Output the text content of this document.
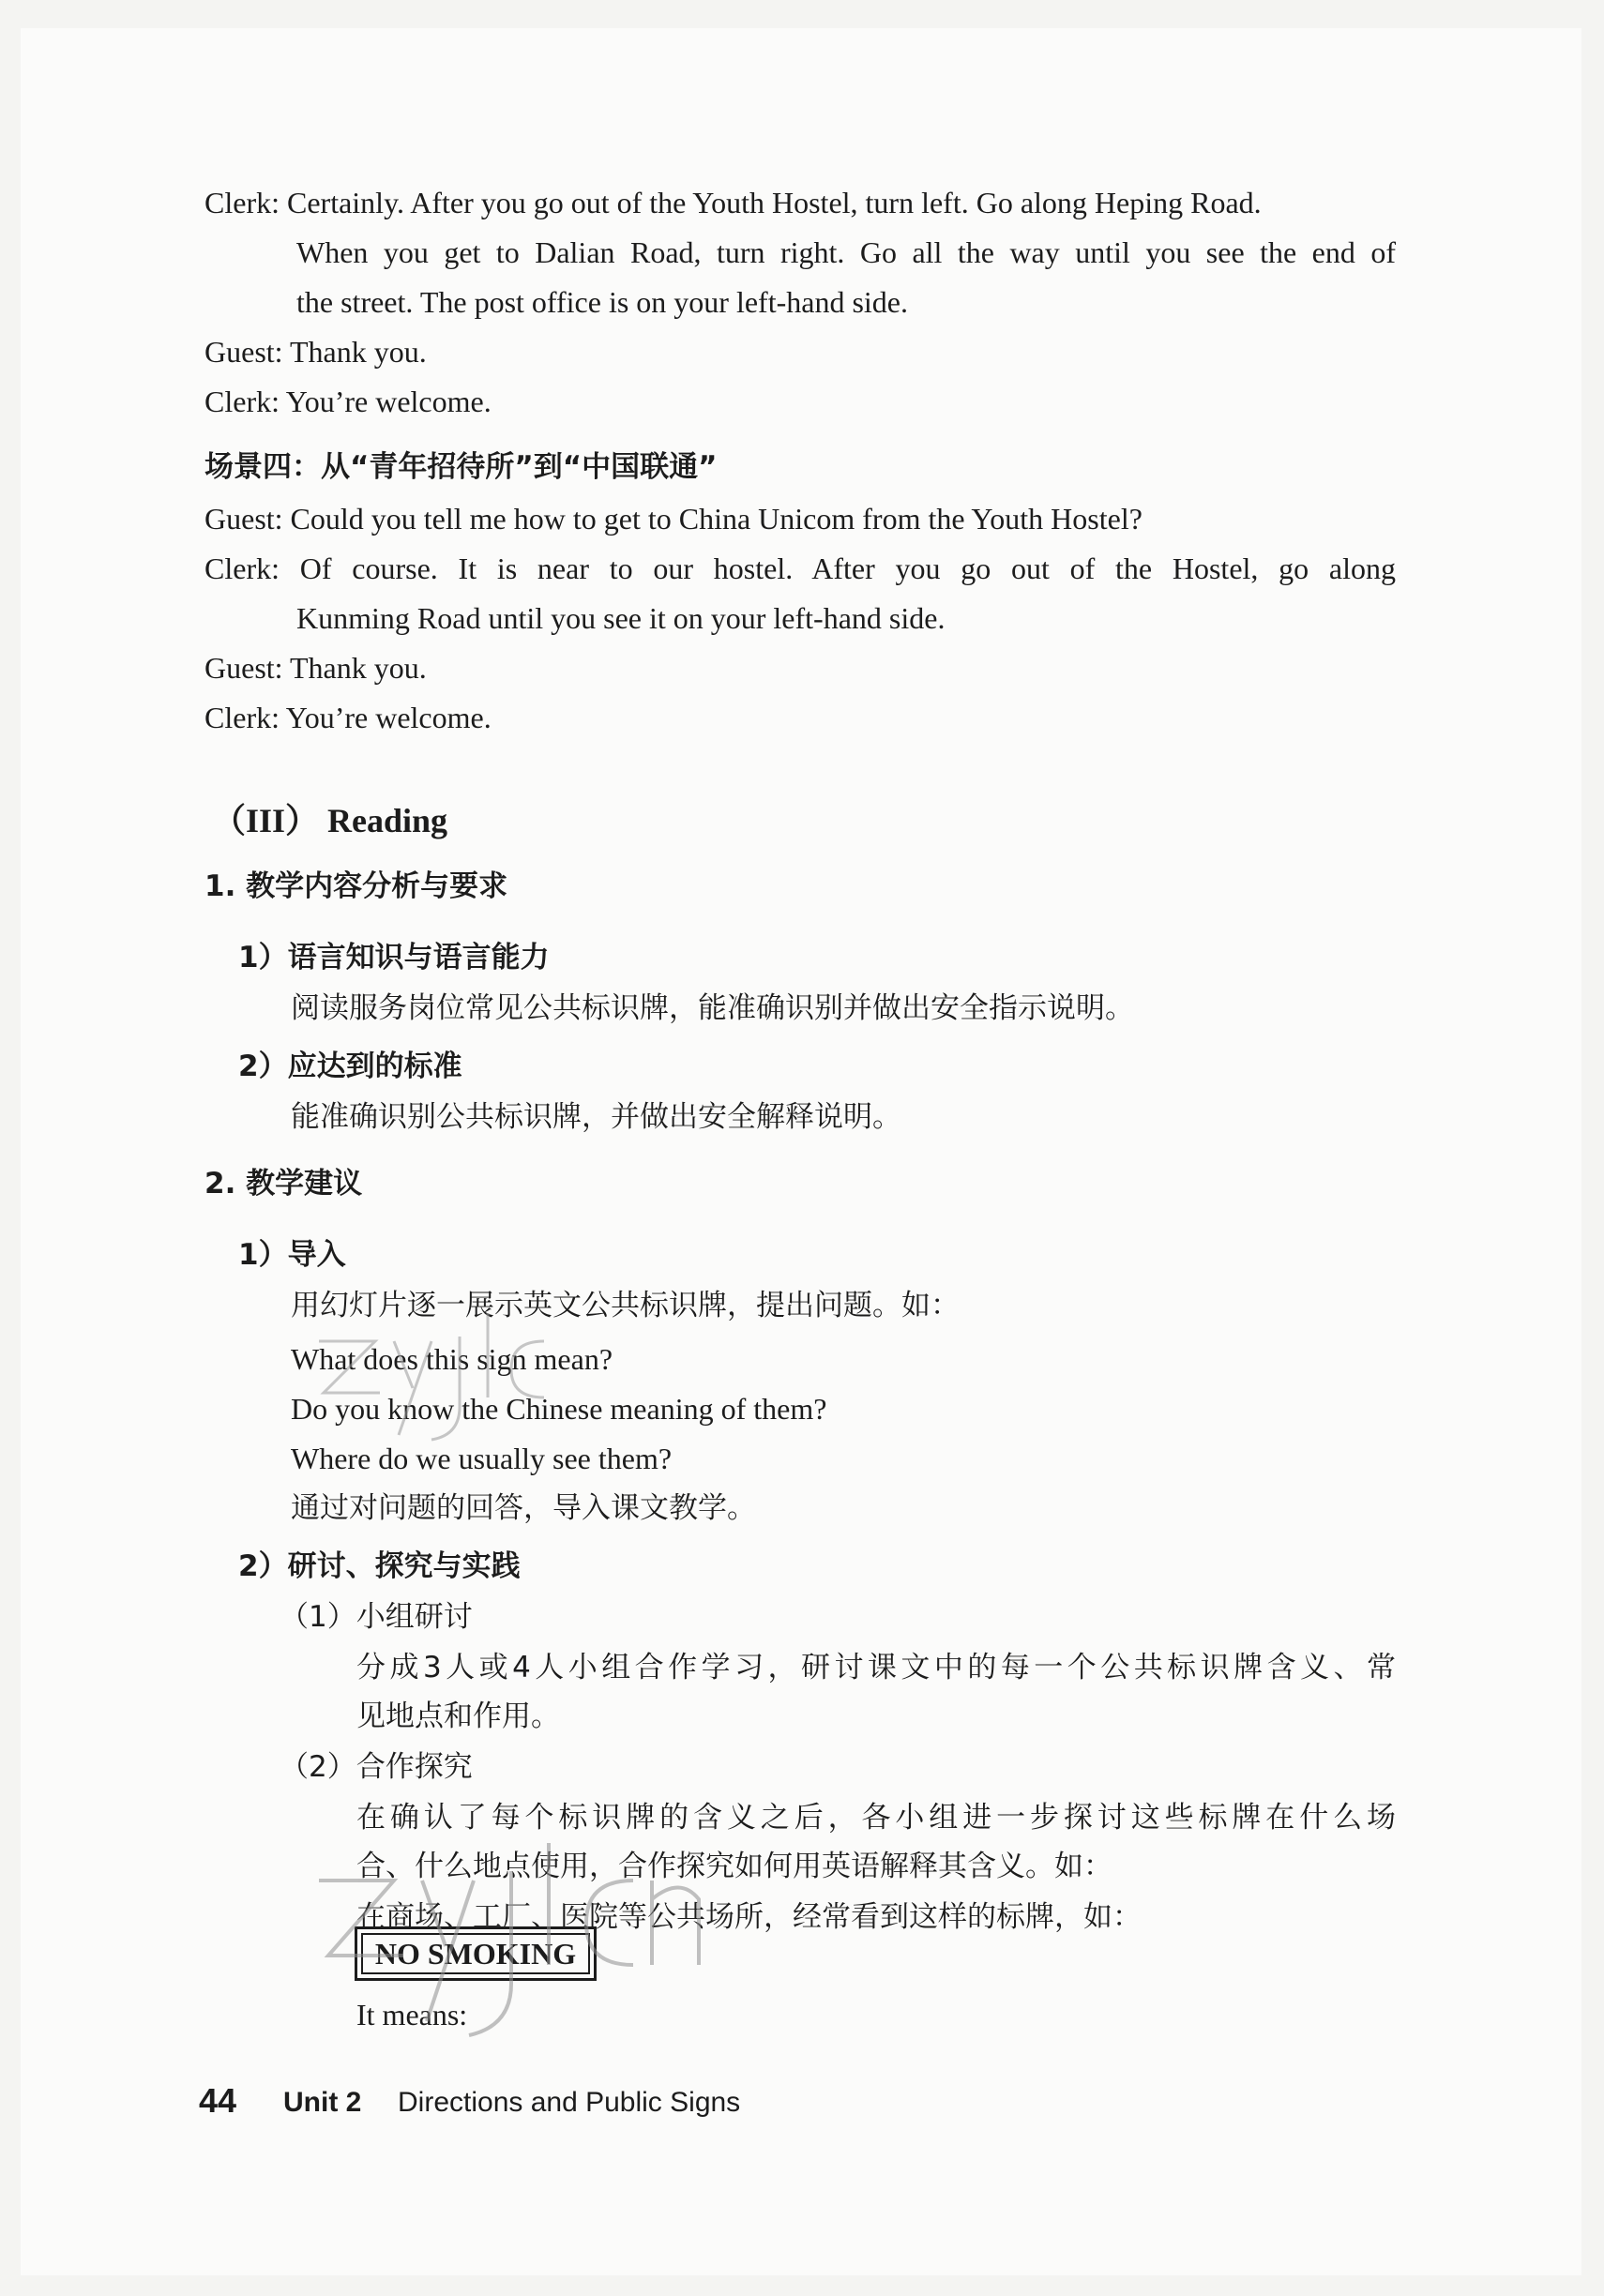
Clerk: Certainly. After you go out of the Youth Hostel, turn left. Go along Heping Road.
When you get to Dalian Road, turn right. Go all the way until you see the end of
the street. The post office is on your left-hand side.
Guest: Thank you.
Clerk: You’re welcome.
场景四：从“青年招待所”到“中国联通”
Guest: Could you tell me how to get to China Unicom from the Youth Hostel?
Clerk: Of course. It is near to our hostel. After you go out of the Hostel, go along
Kunming Road until you see it on your left-hand side.
Guest: Thank you.
Clerk: You’re welcome.
（III） Reading
1. 教学内容分析与要求
1）语言知识与语言能力
阅读服务岗位常见公共标识牌，能准确识别并做出安全指示说明。
2）应达到的标准
能准确识别公共标识牌，并做出安全解释说明。
2. 教学建议
1）导入
用幻灯片逐一展示英文公共标识牌，提出问题。如：
What does this sign mean?
Do you know the Chinese meaning of them?
Where do we usually see them?
通过对问题的回答，导入课文教学。
2）研讨、探究与实践
（1）小组研讨
分成3人或4人小组合作学习，研讨课文中的每一个公共标识牌含义、常
见地点和作用。
（2）合作探究
在确认了每个标识牌的含义之后，各小组进一步探讨这些标牌在什么场
合、什么地点使用，合作探究如何用英语解释其含义。如：
在商场、工厂、医院等公共场所，经常看到这样的标牌，如：
NO SMOKING
It means:
44 Unit 2 Directions and Public Signs
